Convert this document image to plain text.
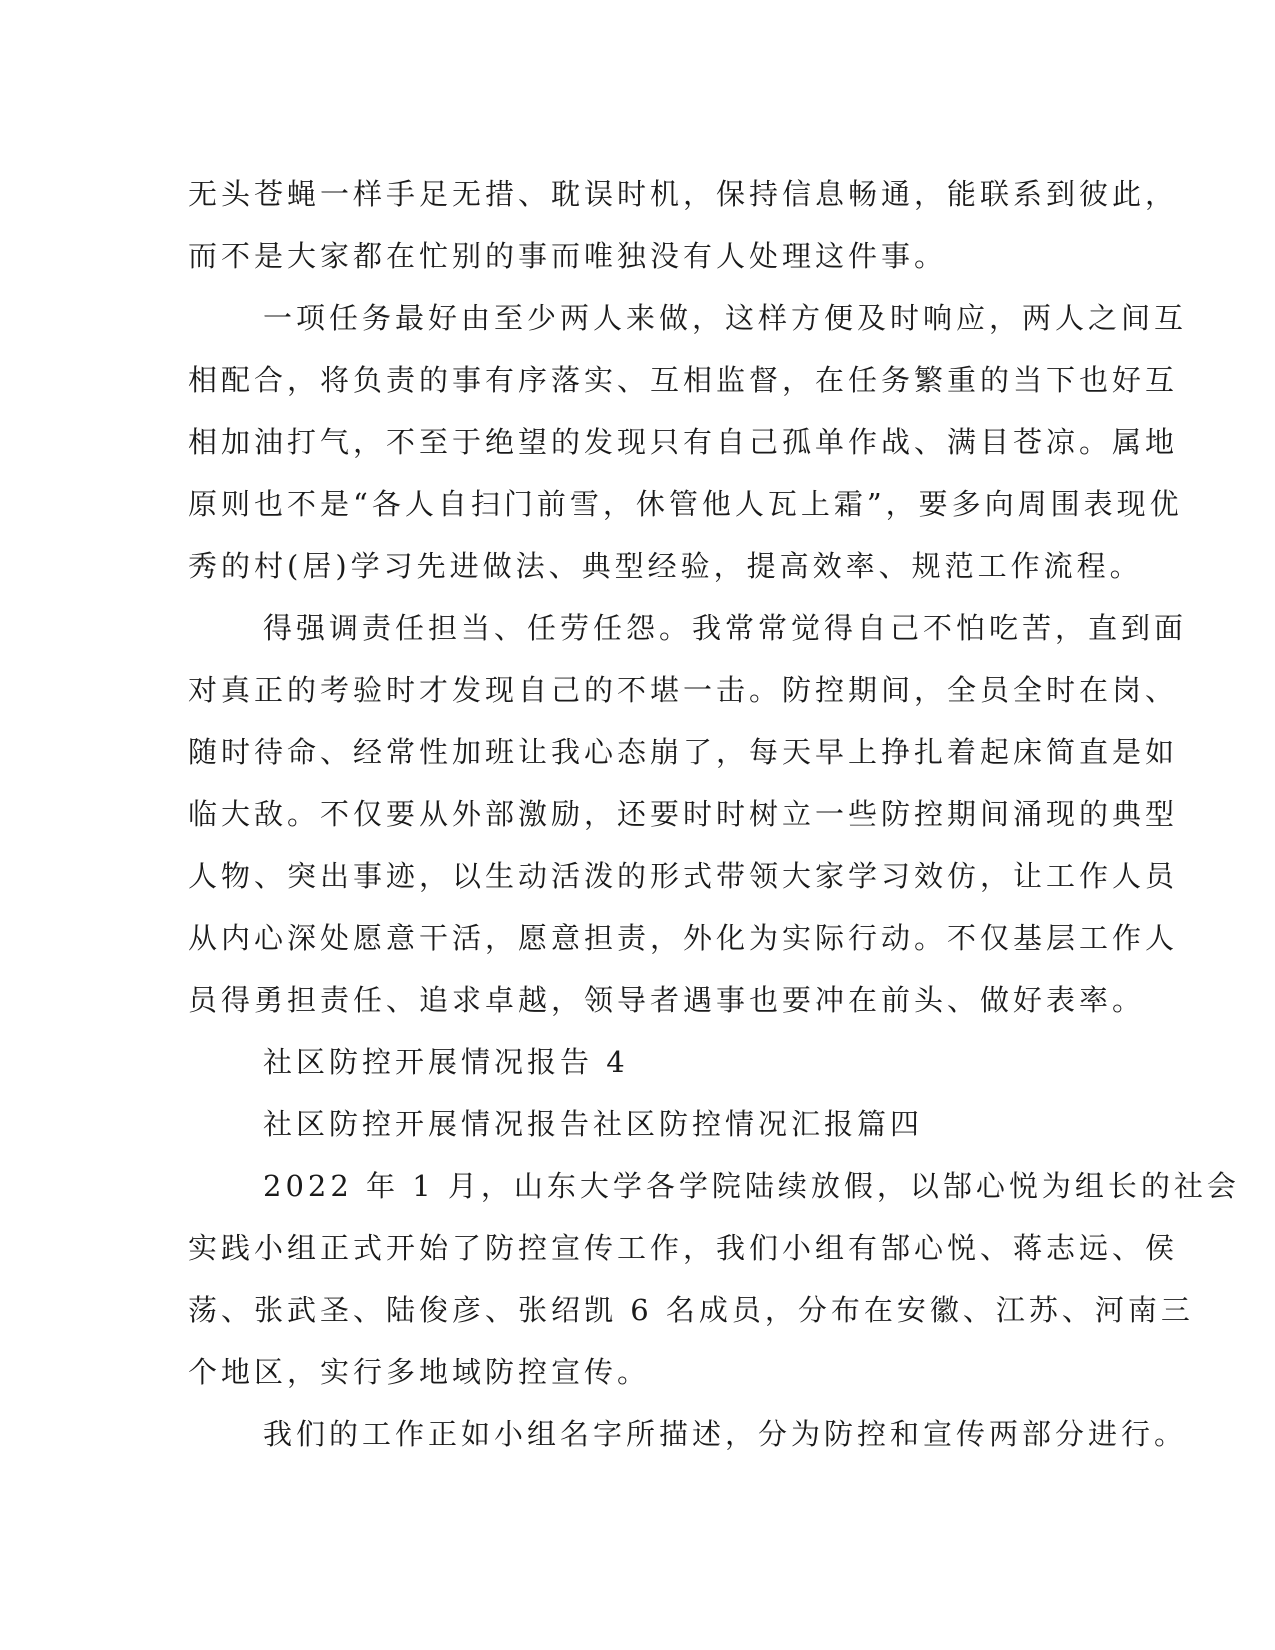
无头苍蝇一样手足无措、耽误时机，保持信息畅通，能联系到彼此，
而不是大家都在忙别的事而唯独没有人处理这件事。
一项任务最好由至少两人来做，这样方便及时响应，两人之间互
相配合，将负责的事有序落实、互相监督，在任务繁重的当下也好互
相加油打气，不至于绝望的发现只有自己孤单作战、满目苍凉。属地
原则也不是“各人自扫门前雪，休管他人瓦上霜”，要多向周围表现优
秀的村(居)学习先进做法、典型经验，提高效率、规范工作流程。
得强调责任担当、任劳任怨。我常常觉得自己不怕吃苦，直到面
对真正的考验时才发现自己的不堪一击。防控期间，全员全时在岗、
随时待命、经常性加班让我心态崩了，每天早上挣扎着起床简直是如
临大敌。不仅要从外部激励，还要时时树立一些防控期间涌现的典型
人物、突出事迹，以生动活泼的形式带领大家学习效仿，让工作人员
从内心深处愿意干活，愿意担责，外化为实际行动。不仅基层工作人
员得勇担责任、追求卓越，领导者遇事也要冲在前头、做好表率。
社区防控开展情况报告 4
社区防控开展情况报告社区防控情况汇报篇四
2022 年 1 月，山东大学各学院陆续放假，以郜心悦为组长的社会
实践小组正式开始了防控宣传工作，我们小组有郜心悦、蒋志远、侯
荡、张武圣、陆俊彦、张绍凯 6 名成员，分布在安徽、江苏、河南三
个地区，实行多地域防控宣传。
我们的工作正如小组名字所描述，分为防控和宣传两部分进行。
